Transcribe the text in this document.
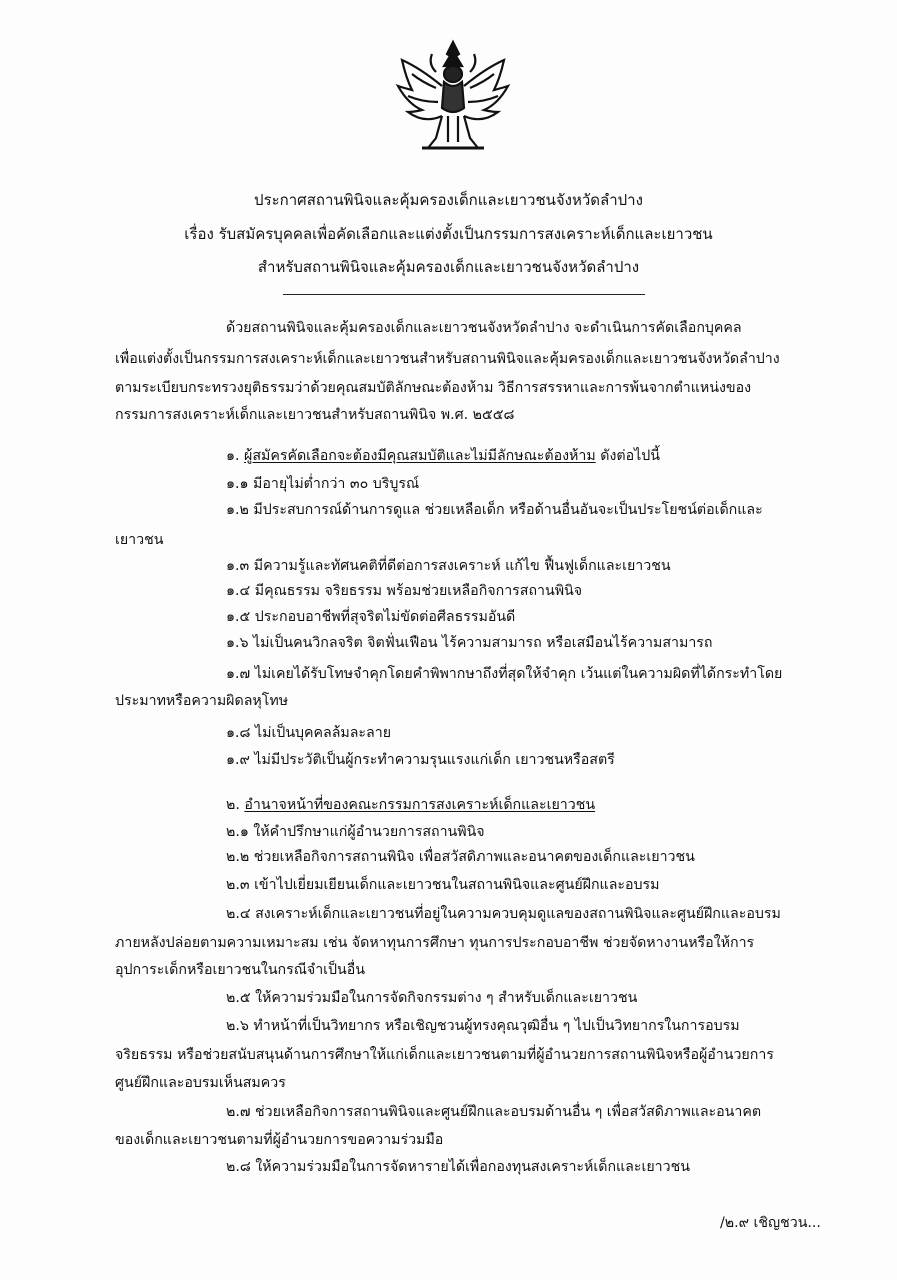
ประกาศสถานพินิจและคุ้มครองเด็กและเยาวชนจังหวัดลำปาง
เรื่อง รับสมัครบุคคลเพื่อคัดเลือกและแต่งตั้งเป็นกรรมการสงเคราะห์เด็กและเยาวชน
สำหรับสถานพินิจและคุ้มครองเด็กและเยาวชนจังหวัดลำปาง
ด้วยสถานพินิจและคุ้มครองเด็กและเยาวชนจังหวัดลำปาง จะดำเนินการคัดเลือกบุคคล
เพื่อแต่งตั้งเป็นกรรมการสงเคราะห์เด็กและเยาวชนสำหรับสถานพินิจและคุ้มครองเด็กและเยาวชนจังหวัดลำปาง
ตามระเบียบกระทรวงยุติธรรมว่าด้วยคุณสมบัติลักษณะต้องห้าม วิธีการสรรหาและการพ้นจากตำแหน่งของ
กรรมการสงเคราะห์เด็กและเยาวชนสำหรับสถานพินิจ พ.ศ. ๒๕๕๘
๑. ผู้สมัครคัดเลือกจะต้องมีคุณสมบัติและไม่มีลักษณะต้องห้าม ดังต่อไปนี้
๑.๑ มีอายุไม่ต่ำกว่า ๓๐ บริบูรณ์
๑.๒ มีประสบการณ์ด้านการดูแล ช่วยเหลือเด็ก หรือด้านอื่นอันจะเป็นประโยชน์ต่อเด็กและ
เยาวชน
๑.๓ มีความรู้และทัศนคติที่ดีต่อการสงเคราะห์ แก้ไข ฟื้นฟูเด็กและเยาวชน
๑.๔ มีคุณธรรม จริยธรรม พร้อมช่วยเหลือกิจการสถานพินิจ
๑.๕ ประกอบอาชีพที่สุจริตไม่ขัดต่อศีลธรรมอันดี
๑.๖ ไม่เป็นคนวิกลจริต จิตฟั่นเฟือน ไร้ความสามารถ หรือเสมือนไร้ความสามารถ
๑.๗ ไม่เคยได้รับโทษจำคุกโดยคำพิพากษาถึงที่สุดให้จำคุก เว้นแต่ในความผิดที่ได้กระทำโดย
ประมาทหรือความผิดลหุโทษ
๑.๘ ไม่เป็นบุคคลล้มละลาย
๑.๙ ไม่มีประวัติเป็นผู้กระทำความรุนแรงแก่เด็ก เยาวชนหรือสตรี
๒. อำนาจหน้าที่ของคณะกรรมการสงเคราะห์เด็กและเยาวชน
๒.๑ ให้คำปรึกษาแก่ผู้อำนวยการสถานพินิจ
๒.๒ ช่วยเหลือกิจการสถานพินิจ เพื่อสวัสดิภาพและอนาคตของเด็กและเยาวชน
๒.๓ เข้าไปเยี่ยมเยียนเด็กและเยาวชนในสถานพินิจและศูนย์ฝึกและอบรม
๒.๔ สงเคราะห์เด็กและเยาวชนที่อยู่ในความควบคุมดูแลของสถานพินิจและศูนย์ฝึกและอบรม
ภายหลังปล่อยตามความเหมาะสม เช่น จัดหาทุนการศึกษา ทุนการประกอบอาชีพ ช่วยจัดหางานหรือให้การ
อุปการะเด็กหรือเยาวชนในกรณีจำเป็นอื่น
๒.๕ ให้ความร่วมมือในการจัดกิจกรรมต่าง ๆ สำหรับเด็กและเยาวชน
๒.๖ ทำหน้าที่เป็นวิทยากร หรือเชิญชวนผู้ทรงคุณวุฒิอื่น ๆ ไปเป็นวิทยากรในการอบรม
จริยธรรม หรือช่วยสนับสนุนด้านการศึกษาให้แก่เด็กและเยาวชนตามที่ผู้อำนวยการสถานพินิจหรือผู้อำนวยการ
ศูนย์ฝึกและอบรมเห็นสมควร
๒.๗ ช่วยเหลือกิจการสถานพินิจและศูนย์ฝึกและอบรมด้านอื่น ๆ เพื่อสวัสดิภาพและอนาคต
ของเด็กและเยาวชนตามที่ผู้อำนวยการขอความร่วมมือ
๒.๘ ให้ความร่วมมือในการจัดหารายได้เพื่อกองทุนสงเคราะห์เด็กและเยาวชน
/๒.๙ เชิญชวน...
